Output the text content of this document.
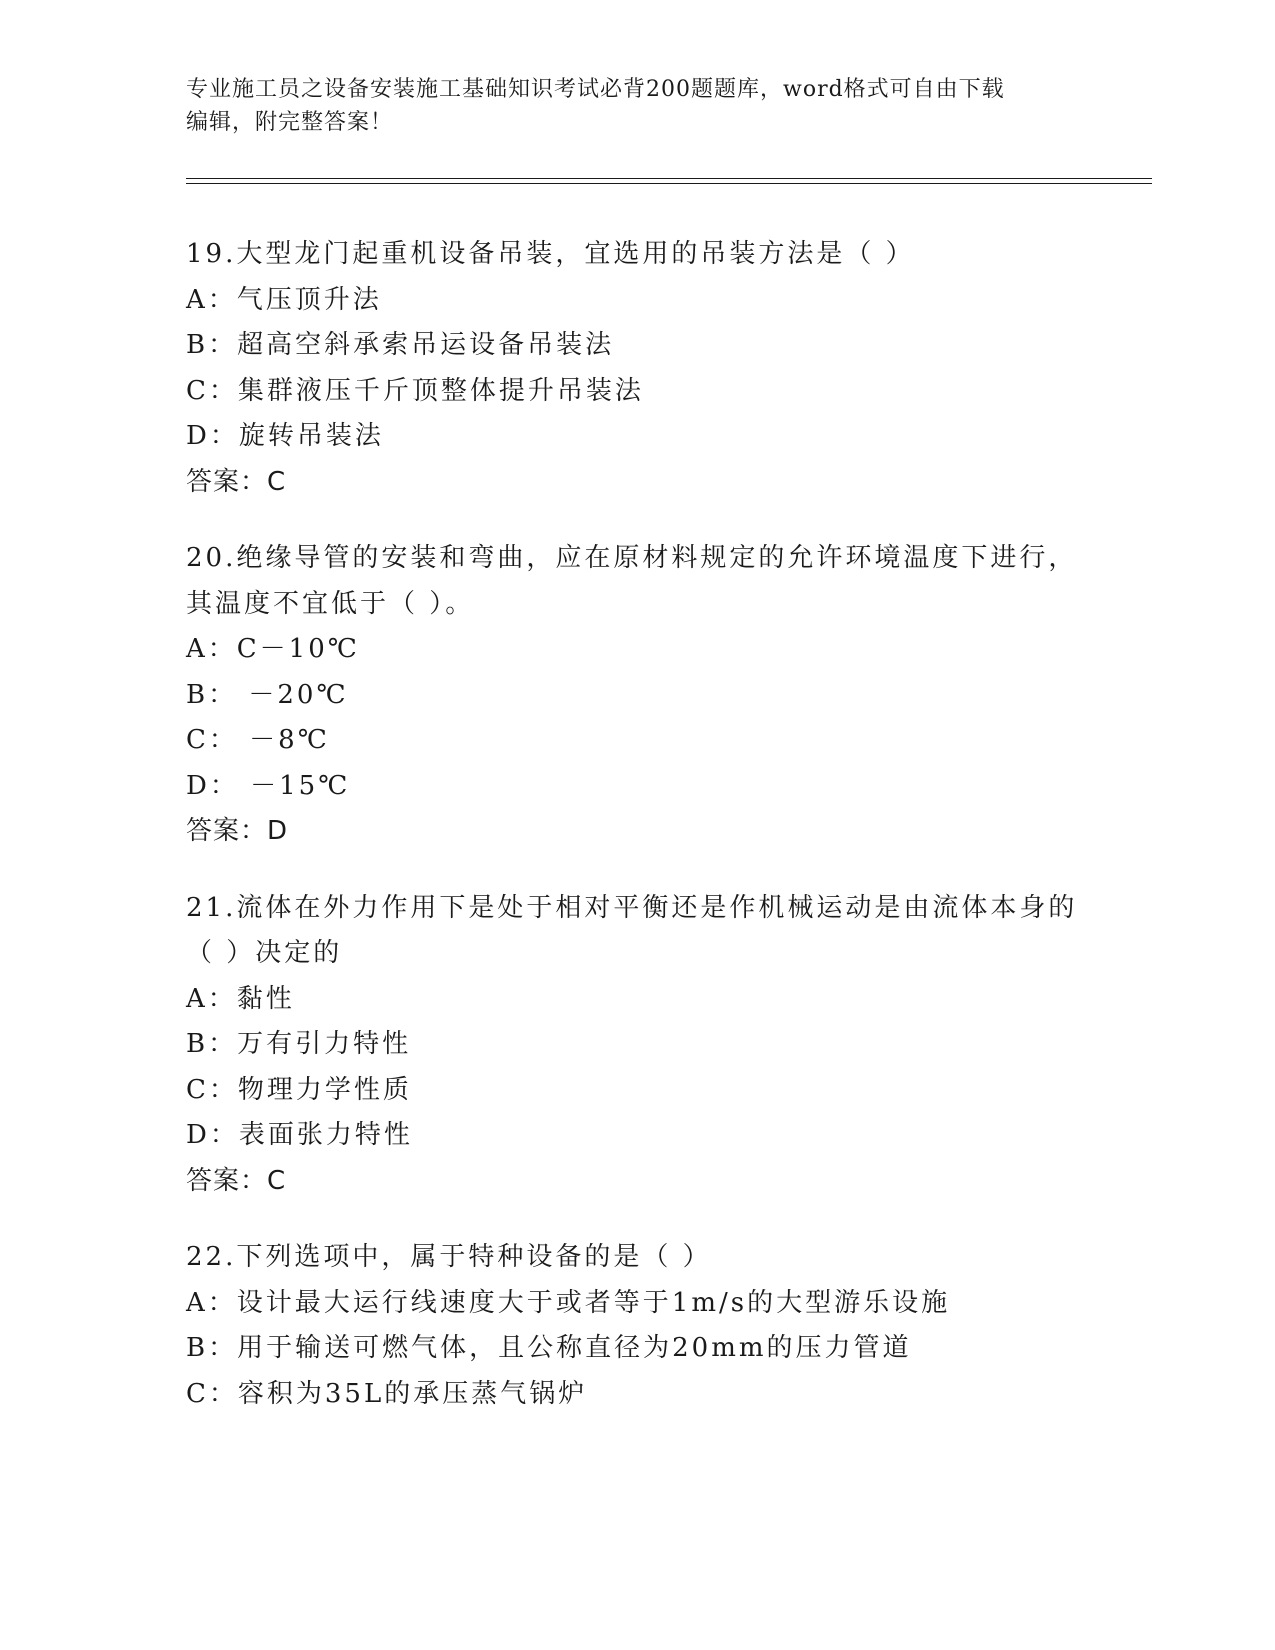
专业施工员之设备安装施工基础知识考试必背200题题库，word格式可自由下载
编辑，附完整答案！
19.大型龙门起重机设备吊装，宜选用的吊装方法是（ ）
A：气压顶升法
B：超高空斜承索吊运设备吊装法
C：集群液压千斤顶整体提升吊装法
D：旋转吊装法
答案：C
20.绝缘导管的安装和弯曲，应在原材料规定的允许环境温度下进行，
其温度不宜低于（ ）。
A：C－10℃
B： －20℃
C： －8℃
D： －15℃
答案：D
21.流体在外力作用下是处于相对平衡还是作机械运动是由流体本身的
（ ）决定的
A：黏性
B：万有引力特性
C：物理力学性质
D：表面张力特性
答案：C
22.下列选项中，属于特种设备的是（ ）
A：设计最大运行线速度大于或者等于1m/s的大型游乐设施
B：用于输送可燃气体，且公称直径为20mm的压力管道
C：容积为35L的承压蒸气锅炉
